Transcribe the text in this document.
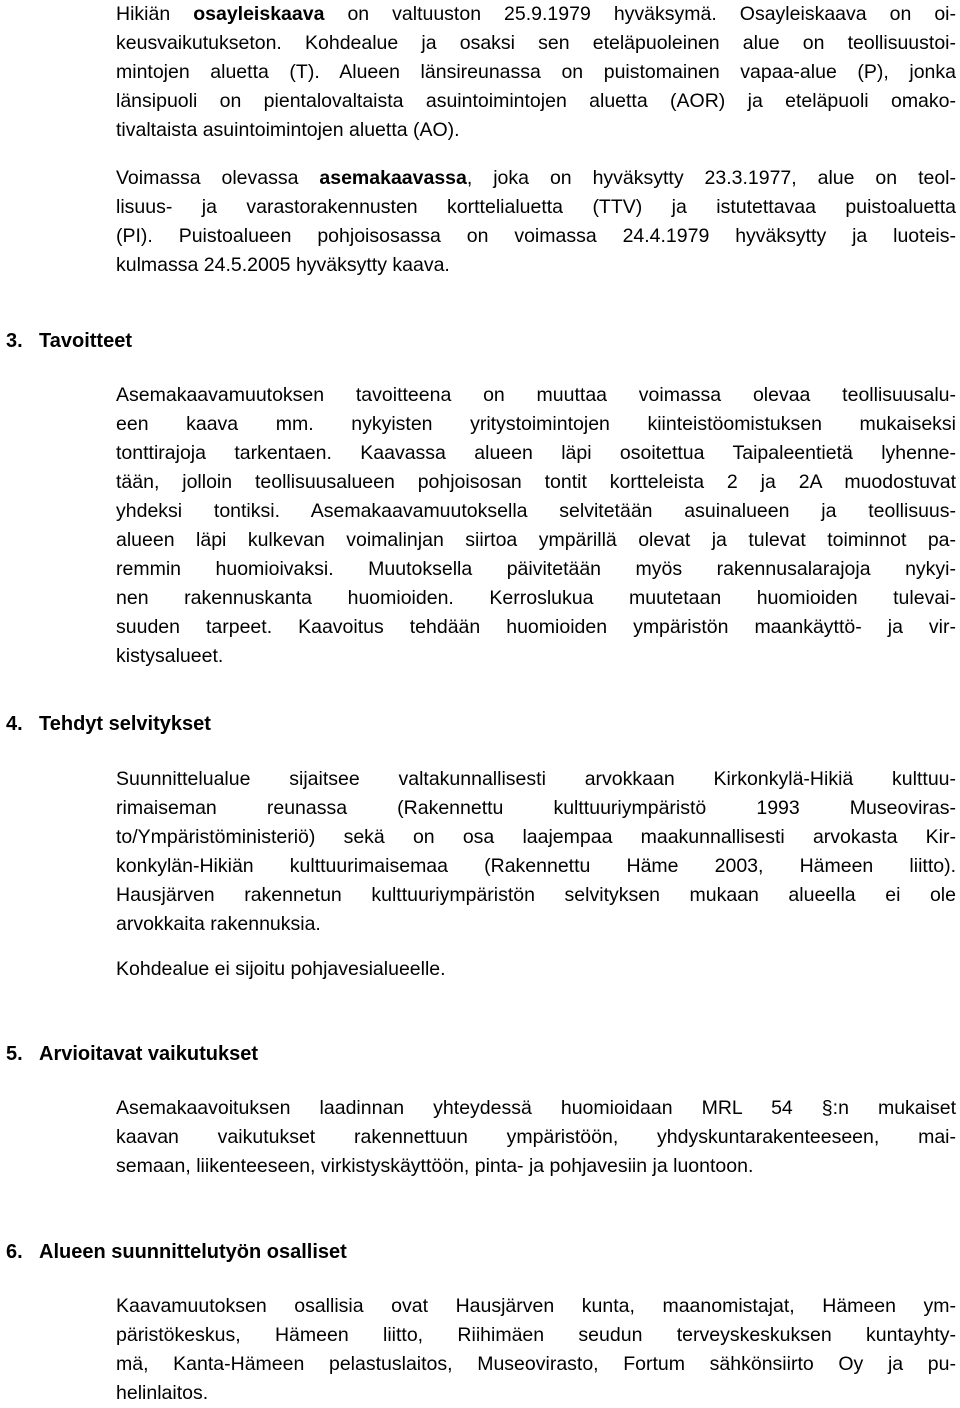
Hikiän osayleiskaava on valtuuston 25.9.1979 hyväksymä. Osayleiskaava on oi-
keusvaikutukseton. Kohdealue ja osaksi sen eteläpuoleinen alue on teollisuustoi-
mintojen aluetta (T). Alueen länsireunassa on puistomainen vapaa-alue (P), jonka
länsipuoli on pientalovaltaista asuintoimintojen aluetta (AOR) ja eteläpuoli omako-
tivaltaista asuintoimintojen aluetta (AO).
Voimassa olevassa asemakaavassa, joka on hyväksytty 23.3.1977, alue on teol-
lisuus- ja varastorakennusten korttelialuetta (TTV) ja istutettavaa puistoaluetta
(PI). Puistoalueen pohjoisosassa on voimassa 24.4.1979 hyväksytty ja luoteis-
kulmassa 24.5.2005 hyväksytty kaava.
3. Tavoitteet
Asemakaavamuutoksen tavoitteena on muuttaa voimassa olevaa teollisuusalu-
een kaava mm. nykyisten yritystoimintojen kiinteistöomistuksen mukaiseksi
tonttirajoja tarkentaen. Kaavassa alueen läpi osoitettua Taipaleentietä lyhenne-
tään, jolloin teollisuusalueen pohjoisosan tontit kortteleista 2 ja 2A muodostuvat
yhdeksi tontiksi. Asemakaavamuutoksella selvitetään asuinalueen ja teollisuus-
alueen läpi kulkevan voimalinjan siirtoa ympärillä olevat ja tulevat toiminnot pa-
remmin huomioivaksi. Muutoksella päivitetään myös rakennusalarajoja nykyi-
nen rakennuskanta huomioiden. Kerroslukua muutetaan huomioiden tulevai-
suuden tarpeet. Kaavoitus tehdään huomioiden ympäristön maankäyttö- ja vir-
kistysalueet.
4. Tehdyt selvitykset
Suunnittelualue sijaitsee valtakunnallisesti arvokkaan Kirkonkylä-Hikiä kulttuu-
rimaiseman reunassa (Rakennettu kulttuuriympäristö 1993 Museoviras-
to/Ympäristöministeriö) sekä on osa laajempaa maakunnallisesti arvokasta Kir-
konkylän-Hikiän kulttuurimaisemaa (Rakennettu Häme 2003, Hämeen liitto).
Hausjärven rakennetun kulttuuriympäristön selvityksen mukaan alueella ei ole
arvokkaita rakennuksia.
Kohdealue ei sijoitu pohjavesialueelle.
5. Arvioitavat vaikutukset
Asemakaavoituksen laadinnan yhteydessä huomioidaan MRL 54 §:n mukaiset
kaavan vaikutukset rakennettuun ympäristöön, yhdyskuntarakenteeseen, mai-
semaan, liikenteeseen, virkistyskäyttöön, pinta- ja pohjavesiin ja luontoon.
6. Alueen suunnittelutyön osalliset
Kaavamuutoksen osallisia ovat Hausjärven kunta, maanomistajat, Hämeen ym-
päristökeskus, Hämeen liitto, Riihimäen seudun terveyskeskuksen kuntayhty-
mä, Kanta-Hämeen pelastuslaitos, Museovirasto, Fortum sähkönsiirto Oy ja pu-
helinlaitos.
